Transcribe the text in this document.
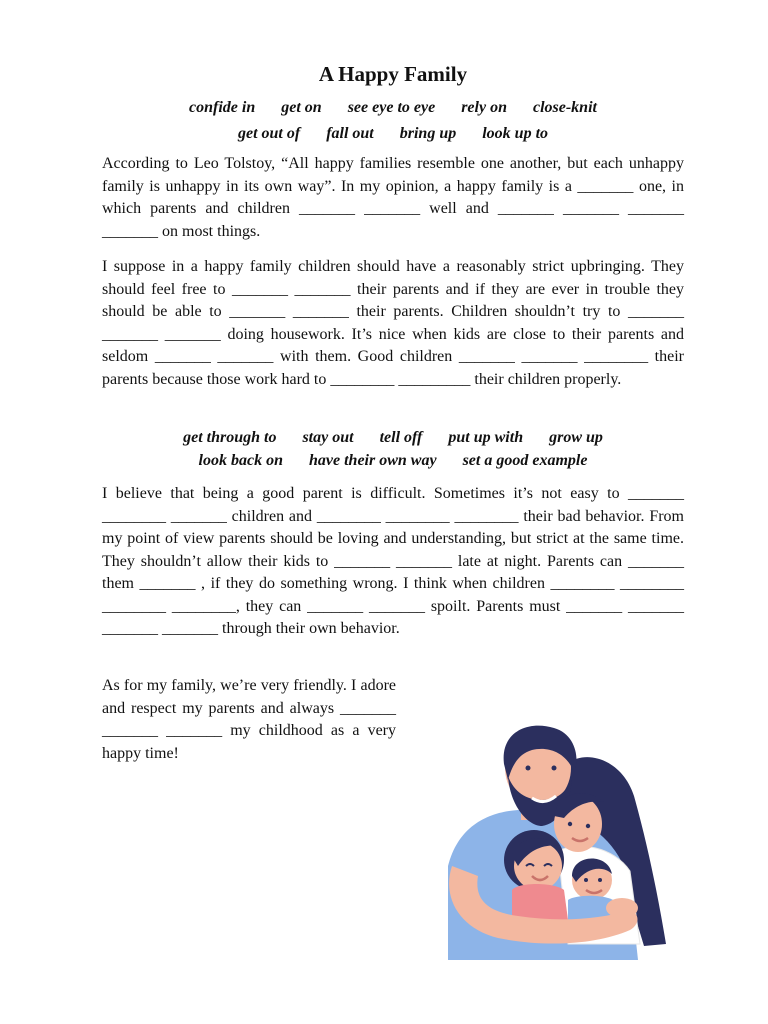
A Happy Family
confide in get on see eye to eye rely on close-knit
get out of fall out bring up look up to
According to Leo Tolstoy, “All happy families resemble one another, but each unhappy family is unhappy in its own way”. In my opinion, a happy family is a _______ one, in which parents and children _______ _______ well and _______ _______ _______ _______ on most things.
I suppose in a happy family children should have a reasonably strict upbringing. They should feel free to _______ _______ their parents and if they are ever in trouble they should be able to _______ _______ their parents. Children shouldn’t try to _______ _______ _______ doing housework. It’s nice when kids are close to their parents and seldom _______ _______ with them. Good children _______ _______ ________ their parents because those work hard to ________ _________ their children properly.
get through to stay out tell off put up with grow up
look back on have their own way set a good example
I believe that being a good parent is difficult. Sometimes it’s not easy to _______ ________ _______ children and ________ ________ ________ their bad behavior. From my point of view parents should be loving and understanding, but strict at the same time. They shouldn’t allow their kids to _______ _______ late at night. Parents can _______ them _______ , if they do something wrong. I think when children ________ ________ ________ ________, they can _______ _______ spoilt. Parents must _______ _______ _______ _______ through their own behavior.
As for my family, we’re very friendly. I adore and respect my parents and always _______ _______ _______ my childhood as a very happy time!
